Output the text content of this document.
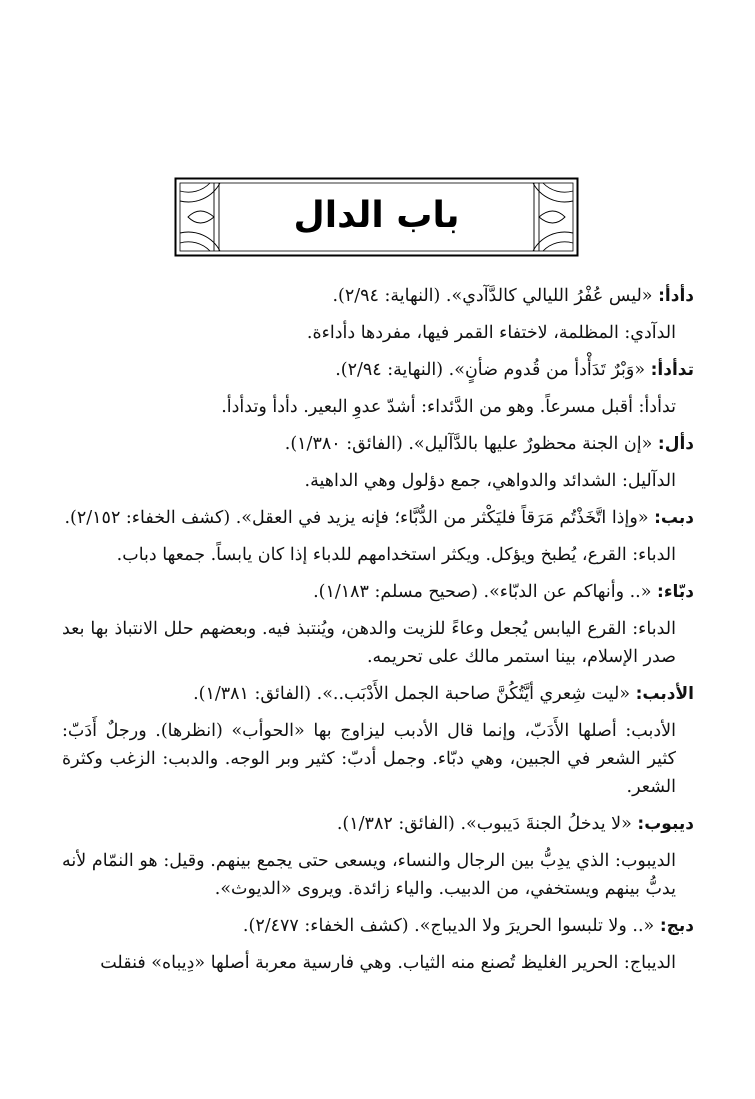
باب الدال

دأدأ: «ليس عُفْرُ الليالي كالدَّآدي». (النهاية: ٢/٩٤).

الدآدي: المظلمة، لاختفاء القمر فيها، مفردها دأداءة.

تدأدأ: «وَبْرٌ تَدَأْدأ من قُدوم ضأنٍ». (النهاية: ٢/٩٤).

تدأدأ: أقبل مسرعاً. وهو من الدَّئداء: أشدّ عدوِ البعير. دأدأ وتدأدأ.

دأل: «إن الجنة محظورٌ عليها بالدَّآليل». (الفائق: ١/٣٨٠).

الدآليل: الشدائد والدواهي، جمع دؤلول وهي الداهية.

دبب: «وإذا اتَّخَذْتُم مَرَقاً فليَكْثر من الدُّبَّاء؛ فإنه يزيد في العقل». (كشف الخفاء: ٢/١٥٢).

الدباء: القرع، يُطبخ ويؤكل. ويكثر استخدامهم للدباء إذا كان يابساً. جمعها دباب.

دبّاء: «.. وأنهاكم عن الدبّاء». (صحيح مسلم: ١/١٨٣).

الدباء: القرع اليابس يُجعل وعاءً للزيت والدهن، ويُنتبذ فيه. وبعضهم حلل الانتباذ بها بعد صدر الإسلام، بينا استمر مالك على تحريمه.

الأدبب: «ليت شِعري أيَّتُكُنَّ صاحبة الجمل الأَدْبَب..». (الفائق: ١/٣٨١).

الأدبب: أصلها الأَدَبّ، وإنما قال الأدبب ليزاوج بها «الحوأب» (انظرها). ورجلٌ أَدَبّ: كثير الشعر في الجبين، وهي دبّاء. وجمل أدبّ: كثير وبر الوجه. والدبب: الزغب وكثرة الشعر.

ديبوب: «لا يدخلُ الجنةَ دَيبوب». (الفائق: ١/٣٨٢).

الديبوب: الذي يدِبُّ بين الرجال والنساء، ويسعى حتى يجمع بينهم. وقيل: هو النمّام لأنه يدبُّ بينهم ويستخفي، من الدبيب. والياء زائدة. ويروى «الديوث».

دبج: «.. ولا تلبسوا الحريرَ ولا الديباج». (كشف الخفاء: ٢/٤٧٧).

الديباج: الحرير الغليظ تُصنع منه الثياب. وهي فارسية معربة أصلها «دِيباه» فنقلت
